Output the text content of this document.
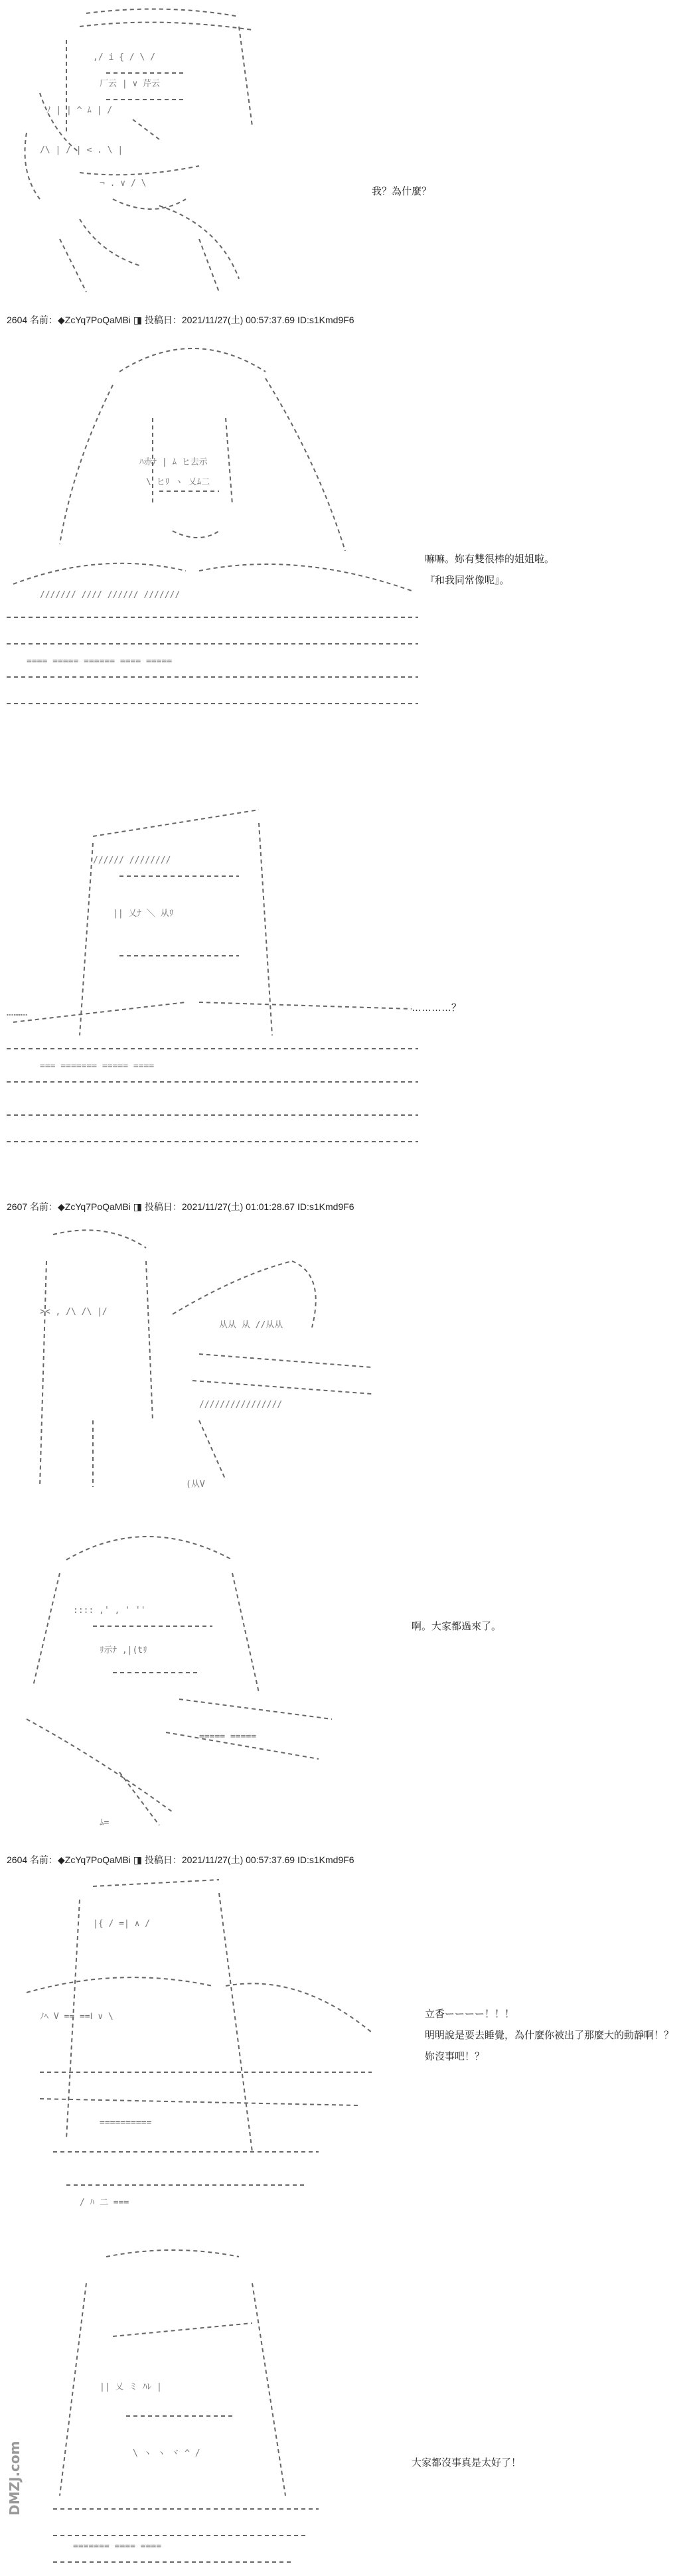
,/ i { / \ /
厂云 | ∨ 芹云
ﾉ | | ^ ﾑ | /
/\ | / | < . \ |
¬ . ∨ / \
我？為什麼？
2604 名前：◆ZcYq7PoQaMBi ◨ 投稿日：2021/11/27(土) 00:57:37.69 ID:s1Kmd9F6
ﾊ赤ﾅ | ﾑ ヒ去示
\ ヒﾘ ヽ 乂ﾑ二
/////// //// ////// ///////
==== ===== ====== ==== =====
嘛嘛。妳有雙很棒的姐姐啦。
『和我同常像呢』。
////// ////////
|| 乂ﾅ ＼ 从ﾘ
…………
=== ======= ===== ====
…………？
2607 名前：◆ZcYq7PoQaMBi ◨ 投稿日：2021/11/27(土) 01:01:28.67 ID:s1Kmd9F6
>< , /\ /\ |/
从从 从 //从从
////////////////
(从V
:::: ,' , ' ''
ﾘ示ﾅ ,|(tﾘ
===== =====
ﾑ=
啊。大家都過來了。
2604 名前：◆ZcYq7PoQaMBi ◨ 投稿日：2021/11/27(土) 00:57:37.69 ID:s1Kmd9F6
|{ / =| ∧ /
ﾉﾍ V == ==Ⅰ ∨ \
==========
/ ﾊ 二 ===
立香ーーーー！！！
明明說是要去睡覺，為什麼你被出了那麼大的動靜啊！？
妳沒事吧！？
|| 乂 ミ ﾊﾚ |
\ ヽ ヽ ヾ ^ /
======= ==== ====
大家都沒事真是太好了！
DMZJ.com
